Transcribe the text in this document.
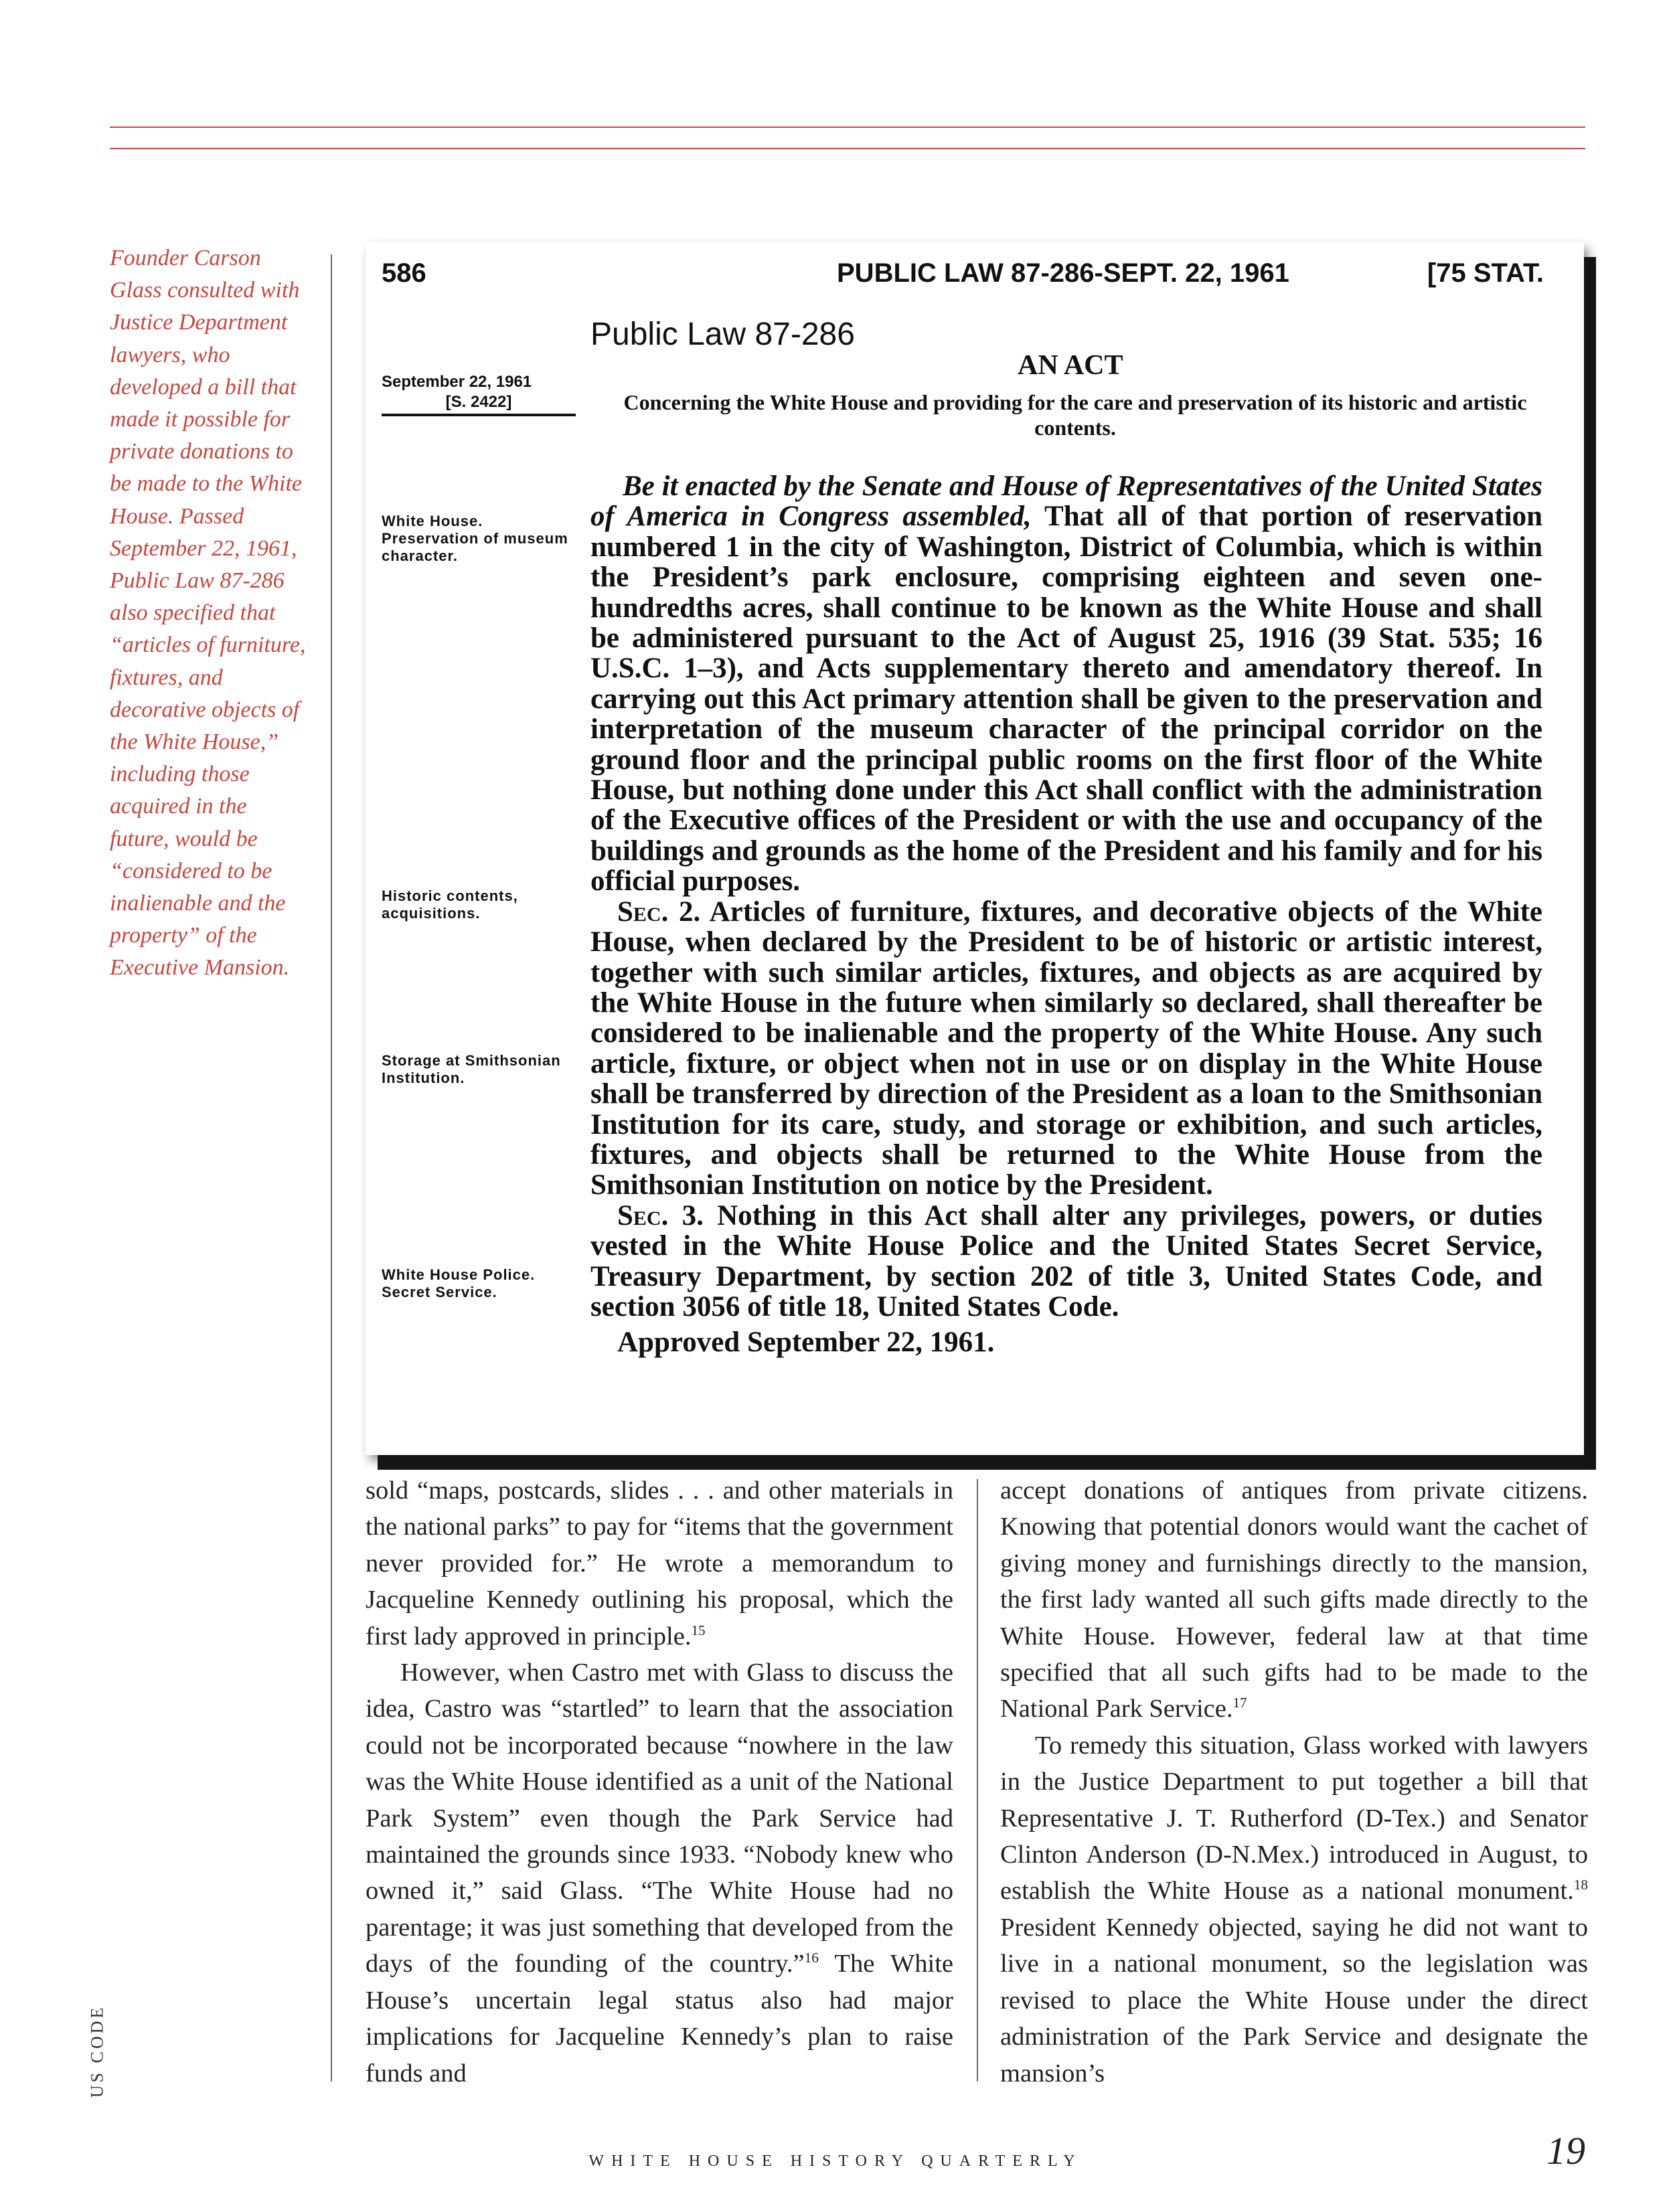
Founder Carson Glass consulted with Justice Department lawyers, who developed a bill that made it possible for private donations to be made to the White House. Passed September 22, 1961, Public Law 87-286 also specified that “articles of furniture, fixtures, and decorative objects of the White House,” including those acquired in the future, would be “considered to be inalienable and the property” of the Executive Mansion.
586	PUBLIC LAW 87-286-SEPT. 22, 1961	[75 STAT.
Public Law 87-286
AN ACT
September 22, 1961
[S. 2422]	Concerning the White House and providing for the care and preservation of its historic and artistic contents.
White House. Preservation of museum character.
Historic contents, acquisitions.
Storage at Smithsonian Institution.
White House Police. Secret Service.

Be it enacted by the Senate and House of Representatives of the United States of America in Congress assembled, That all of that portion of reservation numbered 1 in the city of Washington, District of Columbia, which is within the President’s park enclosure, comprising eighteen and seven one-hundredths acres, shall continue to be known as the White House and shall be administered pursuant to the Act of August 25, 1916 (39 Stat. 535; 16 U.S.C. 1–3), and Acts supplementary thereto and amendatory thereof. In carrying out this Act primary attention shall be given to the preservation and interpretation of the museum character of the principal corridor on the ground floor and the principal public rooms on the first floor of the White House, but nothing done under this Act shall conflict with the administration of the Executive offices of the President or with the use and occupancy of the buildings and grounds as the home of the President and his family and for his official purposes.

Sec. 2. Articles of furniture, fixtures, and decorative objects of the White House, when declared by the President to be of historic or artistic interest, together with such similar articles, fixtures, and objects as are acquired by the White House in the future when similarly so declared, shall thereafter be considered to be inalienable and the property of the White House. Any such article, fixture, or object when not in use or on display in the White House shall be transferred by direction of the President as a loan to the Smithsonian Institution for its care, study, and storage or exhibition, and such articles, fixtures, and objects shall be returned to the White House from the Smithsonian Institution on notice by the President.

Sec. 3. Nothing in this Act shall alter any privileges, powers, or duties vested in the White House Police and the United States Secret Service, Treasury Department, by section 202 of title 3, United States Code, and section 3056 of title 18, United States Code.

Approved September 22, 1961.

sold “maps, postcards, slides . . . and other materials in the national parks” to pay for “items that the government never provided for.” He wrote a memorandum to Jacqueline Kennedy outlining his proposal, which the first lady approved in principle.$^{15}$

However, when Castro met with Glass to discuss the idea, Castro was “startled” to learn that the association could not be incorporated because “nowhere in the law was the White House identified as a unit of the National Park System” even though the Park Service had maintained the grounds since 1933. “Nobody knew who owned it,” said Glass. “The White House had no parentage; it was just something that developed from the days of the founding of the country.”$^{16}$ The White House’s uncertain legal status also had major implications for Jacqueline Kennedy’s plan to raise funds and

accept donations of antiques from private citizens. Knowing that potential donors would want the cachet of giving money and furnishings directly to the mansion, the first lady wanted all such gifts made directly to the White House. However, federal law at that time specified that all such gifts had to be made to the National Park Service.$^{17}$

To remedy this situation, Glass worked with lawyers in the Justice Department to put together a bill that Representative J. T. Rutherford (D-Tex.) and Senator Clinton Anderson (D-N.Mex.) introduced in August, to establish the White House as a national monument.$^{18}$ President Kennedy objected, saying he did not want to live in a national monument, so the legislation was revised to place the White House under the direct administration of the Park Service and designate the mansion’s

US CODE
WHITE HOUSE HISTORY QUARTERLY	19
